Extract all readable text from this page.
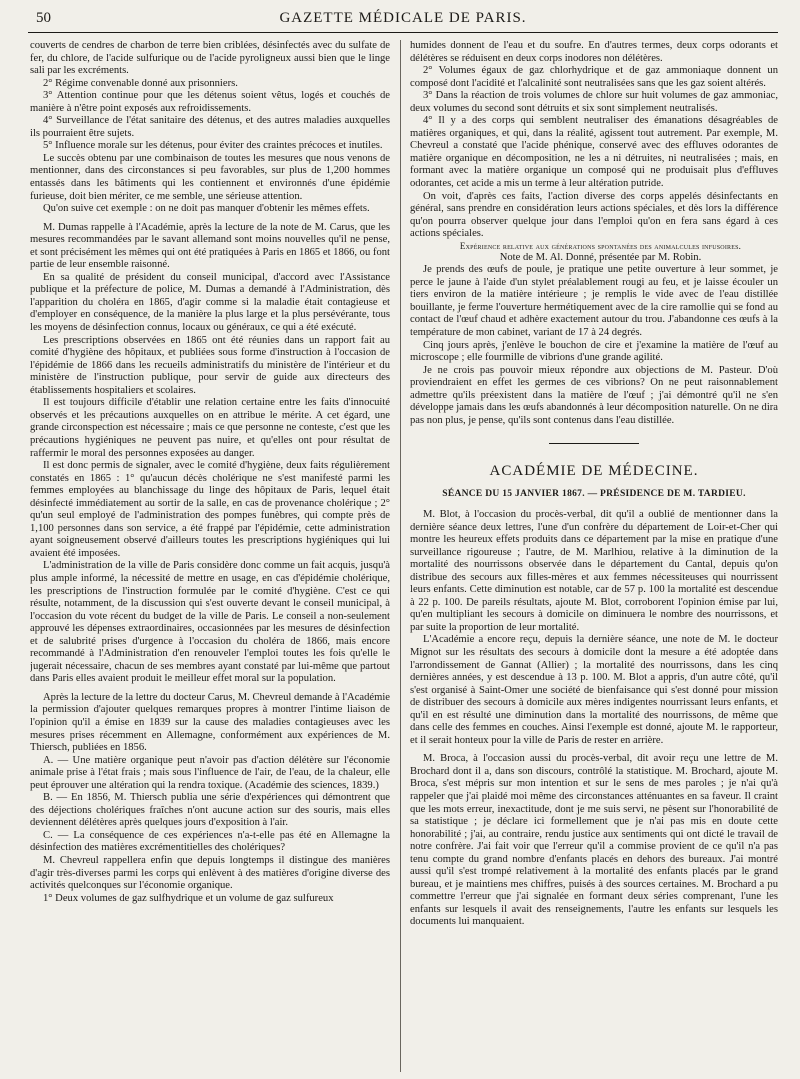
50	GAZETTE MÉDICALE DE PARIS.

couverts de cendres de charbon de terre bien criblées, désinfectés avec du sulfate de fer, du chlore, de l'acide sulfurique ou de l'acide pyroligneux aussi bien que le linge sali par les excréments.

2° Régime convenable donné aux prisonniers.

3° Attention continue pour que les détenus soient vêtus, logés et couchés de manière à n'être point exposés aux refroidissements.

4° Surveillance de l'état sanitaire des détenus, et des autres maladies auxquelles ils pourraient être sujets.

5° Influence morale sur les détenus, pour éviter des craintes précoces et inutiles.

Le succès obtenu par une combinaison de toutes les mesures que nous venons de mentionner, dans des circonstances si peu favorables, sur plus de 1,200 hommes entassés dans les bâtiments qui les contiennent et environnés d'une épidémie furieuse, doit bien mériter, ce me semble, une sérieuse attention.

Qu'on suive cet exemple : on ne doit pas manquer d'obtenir les mêmes effets.

M. Dumas rappelle à l'Académie, après la lecture de la note de M. Carus, que les mesures recommandées par le savant allemand sont moins nouvelles qu'il ne pense, et sont précisément les mêmes qui ont été pratiquées à Paris en 1865 et 1866, ou font partie de leur ensemble raisonné.

En sa qualité de président du conseil municipal, d'accord avec l'Assistance publique et la préfecture de police, M. Dumas a demandé à l'Administration, dès l'apparition du choléra en 1865, d'agir comme si la maladie était contagieuse et d'employer en conséquence, de la manière la plus large et la plus persévérante, tous les moyens de désinfection connus, locaux ou généraux, ce qui a été exécuté.

Les prescriptions observées en 1865 ont été réunies dans un rapport fait au comité d'hygiène des hôpitaux, et publiées sous forme d'instruction à l'occasion de l'épidémie de 1866 dans les recueils administratifs du ministère de l'intérieur et du ministère de l'instruction publique, pour servir de guide aux directeurs des établissements hospitaliers et scolaires.

Il est toujours difficile d'établir une relation certaine entre les faits d'innocuité observés et les précautions auxquelles on en attribue le mérite. A cet égard, une grande circonspection est nécessaire ; mais ce que personne ne conteste, c'est que les précautions hygiéniques ne peuvent pas nuire, et qu'elles ont pour résultat de raffermir le moral des personnes exposées au danger.

Il est donc permis de signaler, avec le comité d'hygiène, deux faits régulièrement constatés en 1865 : 1° qu'aucun décès cholérique ne s'est manifesté parmi les femmes employées au blanchissage du linge des hôpitaux de Paris, lequel était désinfecté immédiatement au sortir de la salle, en cas de provenance cholérique ; 2° qu'un seul employé de l'administration des pompes funèbres, qui compte près de 1,100 personnes dans son service, a été frappé par l'épidémie, cette administration ayant soigneusement observé d'ailleurs toutes les prescriptions hygiéniques qui lui avaient été imposées.

L'administration de la ville de Paris considère donc comme un fait acquis, jusqu'à plus ample informé, la nécessité de mettre en usage, en cas d'épidémie cholérique, les prescriptions de l'instruction formulée par le comité d'hygiène. C'est ce qui résulte, notamment, de la discussion qui s'est ouverte devant le conseil municipal, à l'occasion du vote récent du budget de la ville de Paris. Le conseil a non-seulement approuvé les dépenses extraordinaires, occasionnées par les mesures de désinfection et de salubrité prises d'urgence à l'occasion du choléra de 1866, mais encore recommandé à l'Administration d'en renouveler l'emploi toutes les fois qu'elle le jugerait nécessaire, chacun de ses membres ayant constaté par lui-même que partout dans Paris elles avaient produit le meilleur effet moral sur la population.

Après la lecture de la lettre du docteur Carus, M. Chevreul demande à l'Académie la permission d'ajouter quelques remarques propres à montrer l'intime liaison de l'opinion qu'il a émise en 1839 sur la cause des maladies contagieuses avec les mesures prises récemment en Allemagne, conformément aux expériences de M. Thiersch, publiées en 1856.

A. — Une matière organique peut n'avoir pas d'action délétère sur l'économie animale prise à l'état frais ; mais sous l'influence de l'air, de l'eau, de la chaleur, elle peut éprouver une altération qui la rendra toxique. (Académie des sciences, 1839.)

B. — En 1856, M. Thiersch publia une série d'expériences qui démontrent que des déjections cholériques fraîches n'ont aucune action sur des souris, mais elles deviennent délétères après quelques jours d'exposition à l'air.

C. — La conséquence de ces expériences n'a-t-elle pas été en Allemagne la désinfection des matières excrémentitielles des cholériques?

M. Chevreul rappellera enfin que depuis longtemps il distingue des manières d'agir très-diverses parmi les corps qui enlèvent à des matières d'origine diverse des activités quelconques sur l'économie organique.

1° Deux volumes de gaz sulfhydrique et un volume de gaz sulfureux

humides donnent de l'eau et du soufre. En d'autres termes, deux corps odorants et délétères se réduisent en deux corps inodores non délétères.

2° Volumes égaux de gaz chlorhydrique et de gaz ammoniaque donnent un composé dont l'acidité et l'alcalinité sont neutralisées sans que les gaz soient altérés.

3° Dans la réaction de trois volumes de chlore sur huit volumes de gaz ammoniac, deux volumes du second sont détruits et six sont simplement neutralisés.

4° Il y a des corps qui semblent neutraliser des émanations désagréables de matières organiques, et qui, dans la réalité, agissent tout autrement. Par exemple, M. Chevreul a constaté que l'acide phénique, conservé avec des effluves odorantes de matière organique en décomposition, ne les a ni détruites, ni neutralisées ; mais, en formant avec la matière organique un composé qui ne produisait plus d'effluves odorantes, cet acide a mis un terme à leur altération putride.

On voit, d'après ces faits, l'action diverse des corps appelés désinfectants en général, sans prendre en considération leurs actions spéciales, et dès lors la différence qu'on pourra observer quelque jour dans l'emploi qu'on en fera sans égard à ces actions spéciales.

Expérience relative aux générations spontanées des animalcules infusoires.

Note de M. Al. Donné, présentée par M. Robin.

Je prends des œufs de poule, je pratique une petite ouverture à leur sommet, je perce le jaune à l'aide d'un stylet préalablement rougi au feu, et je laisse écouler un tiers environ de la matière intérieure ; je remplis le vide avec de l'eau distillée bouillante, je ferme l'ouverture hermétiquement avec de la cire ramollie qui se fond au contact de l'œuf chaud et adhère exactement autour du trou. J'abandonne ces œufs à la température de mon cabinet, variant de 17 à 24 degrés.

Cinq jours après, j'enlève le bouchon de cire et j'examine la matière de l'œuf au microscope ; elle fourmille de vibrions d'une grande agilité.

Je ne crois pas pouvoir mieux répondre aux objections de M. Pasteur. D'où proviendraient en effet les germes de ces vibrions? On ne peut raisonnablement admettre qu'ils préexistent dans la matière de l'œuf ; j'ai démontré qu'il ne s'en développe jamais dans les œufs abandonnés à leur décomposition naturelle. On ne dira pas non plus, je pense, qu'ils sont contenus dans l'eau distillée.

ACADÉMIE DE MÉDECINE.
SÉANCE DU 15 JANVIER 1867. — PRÉSIDENCE DE M. TARDIEU.

M. Blot, à l'occasion du procès-verbal, dit qu'il a oublié de mentionner dans la dernière séance deux lettres, l'une d'un confrère du département de Loir-et-Cher qui montre les heureux effets produits dans ce département par la mise en pratique d'une surveillance rigoureuse ; l'autre, de M. Marlhiou, relative à la diminution de la mortalité des nourrissons observée dans le département du Cantal, depuis qu'on distribue des secours aux filles-mères et aux femmes nécessiteuses qui nourrissent leurs enfants. Cette diminution est notable, car de 57 p. 100 la mortalité est descendue à 22 p. 100. De pareils résultats, ajoute M. Blot, corroborent l'opinion émise par lui, qu'en multipliant les secours à domicile on diminuera le nombre des nourrissons, et par suite la proportion de leur mortalité.

L'Académie a encore reçu, depuis la dernière séance, une note de M. le docteur Mignot sur les résultats des secours à domicile dont la mesure a été adoptée dans l'arrondissement de Gannat (Allier) ; la mortalité des nourrissons, dans les cinq dernières années, y est descendue à 13 p. 100. M. Blot a appris, d'un autre côté, qu'il s'est organisé à Saint-Omer une société de bienfaisance qui s'est donné pour mission de distribuer des secours à domicile aux mères indigentes nourrissant leurs enfants, et qu'il en est résulté une diminution dans la mortalité des nourrissons, de même que dans celle des femmes en couches. Ainsi l'exemple est donné, ajoute M. le rapporteur, et il serait honteux pour la ville de Paris de rester en arrière.

M. Broca, à l'occasion aussi du procès-verbal, dit avoir reçu une lettre de M. Brochard dont il a, dans son discours, contrôlé la statistique. M. Brochard, ajoute M. Broca, s'est mépris sur mon intention et sur le sens de mes paroles ; je n'ai qu'à rappeler que j'ai plaidé moi même des circonstances atténuantes en sa faveur. Il craint que les mots erreur, inexactitude, dont je me suis servi, ne pèsent sur l'honorabilité de sa statistique ; je déclare ici formellement que je n'ai pas mis en doute cette honorabilité ; j'ai, au contraire, rendu justice aux sentiments qui ont dicté le travail de notre confrère. J'ai fait voir que l'erreur qu'il a commise provient de ce qu'il n'a pas tenu compte du grand nombre d'enfants placés en dehors des bureaux. J'ai montré aussi qu'il s'est trompé relativement à la mortalité des enfants placés par le grand bureau, et je maintiens mes chiffres, puisés à des sources certaines. M. Brochard a pu commettre l'erreur que j'ai signalée en formant deux séries comprenant, l'une les enfants sur lesquels il avait des renseignements, l'autre les enfants sur lesquels les documents lui manquaient.
